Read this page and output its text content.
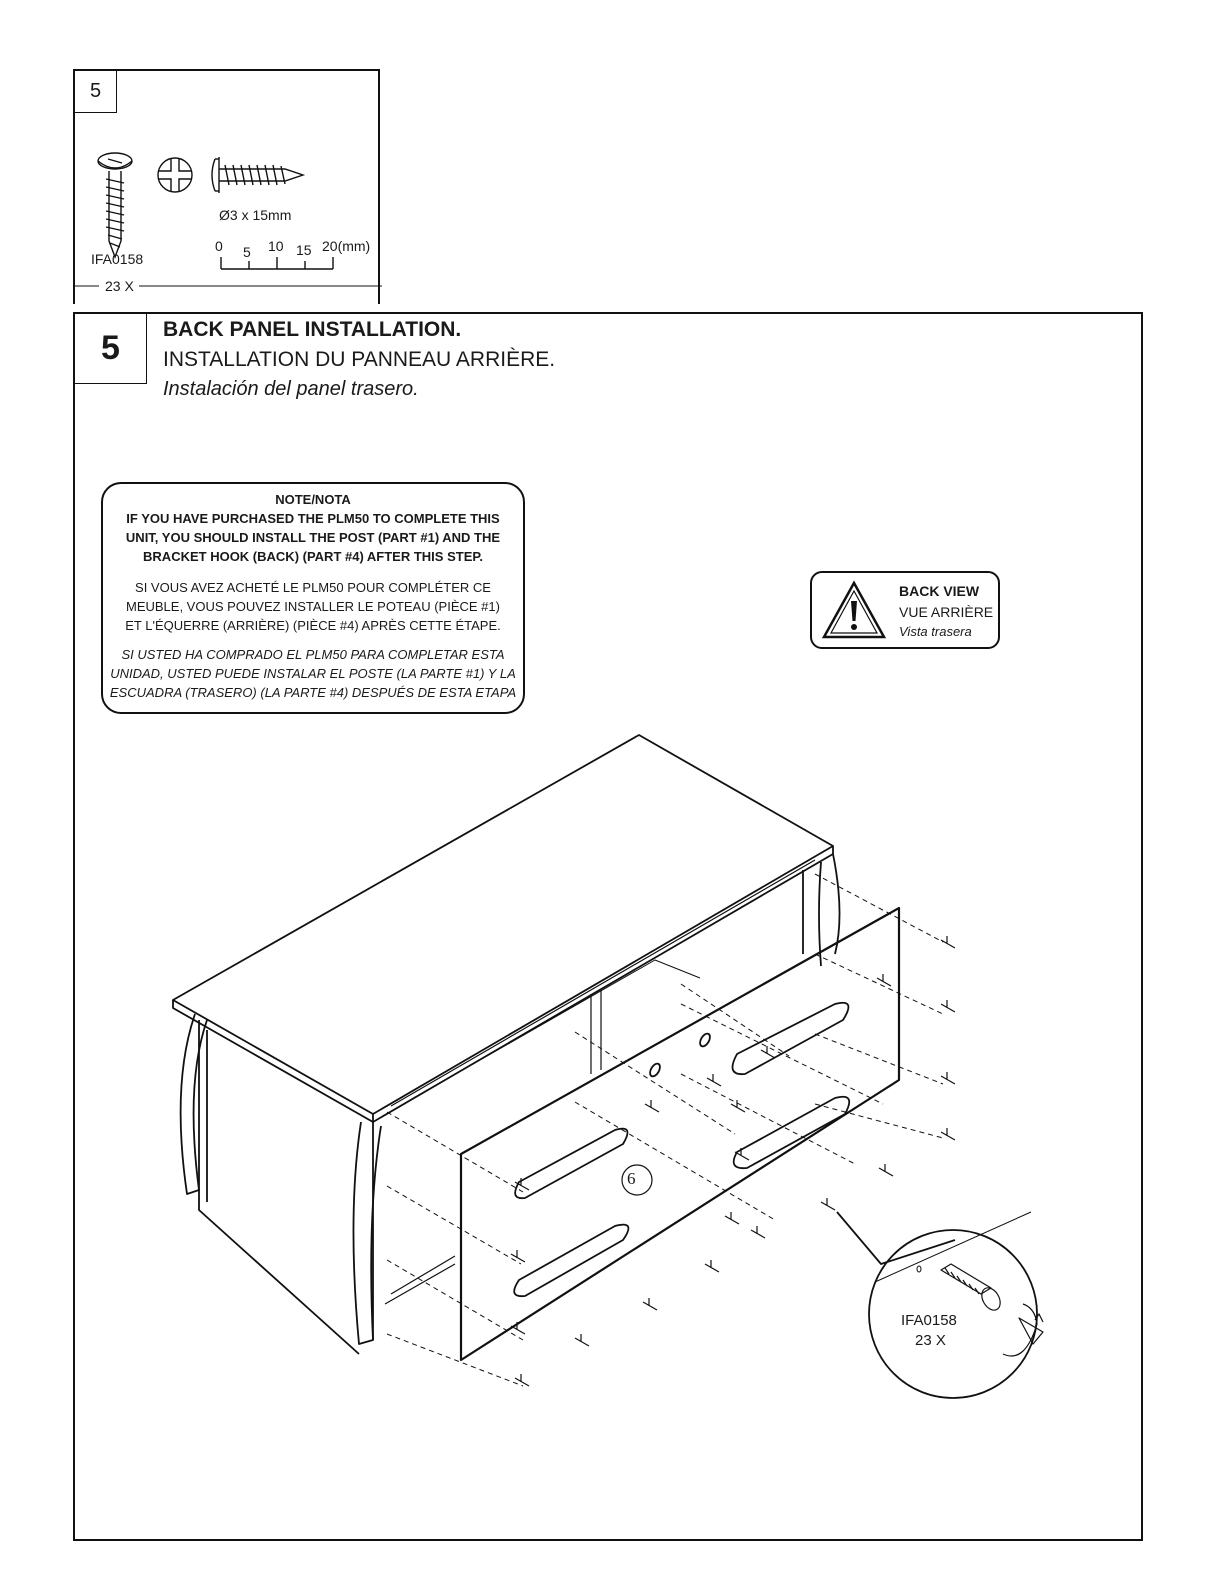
5
Ø3 x 15mm
IFA0158
23 X
0 5 10 15 20(mm)
5	BACK PANEL INSTALLATION.
INSTALLATION DU PANNEAU ARRIÈRE.
Instalación del panel trasero.

NOTE/NOTA

IF YOU HAVE PURCHASED THE PLM50 TO COMPLETE THIS

UNIT, YOU SHOULD INSTALL THE POST (PART #1) AND THE

BRACKET HOOK (BACK) (PART #4) AFTER THIS STEP.

SI VOUS AVEZ ACHETÉ LE PLM50 POUR COMPLÉTER CE

MEUBLE, VOUS POUVEZ INSTALLER LE POTEAU (PIÈCE #1)

ET L'ÉQUERRE (ARRIÈRE) (PIÈCE #4) APRÈS CETTE ÉTAPE.

SI USTED HA COMPRADO EL PLM50 PARA COMPLETAR ESTA

UNIDAD, USTED PUEDE INSTALAR EL POSTE (LA PARTE #1) Y LA

ESCUADRA (TRASERO) (LA PARTE #4) DESPUÉS DE ESTA ETAPA

BACK VIEW
VUE ARRIÈRE
Vista trasera
6
IFA0158
23 X
